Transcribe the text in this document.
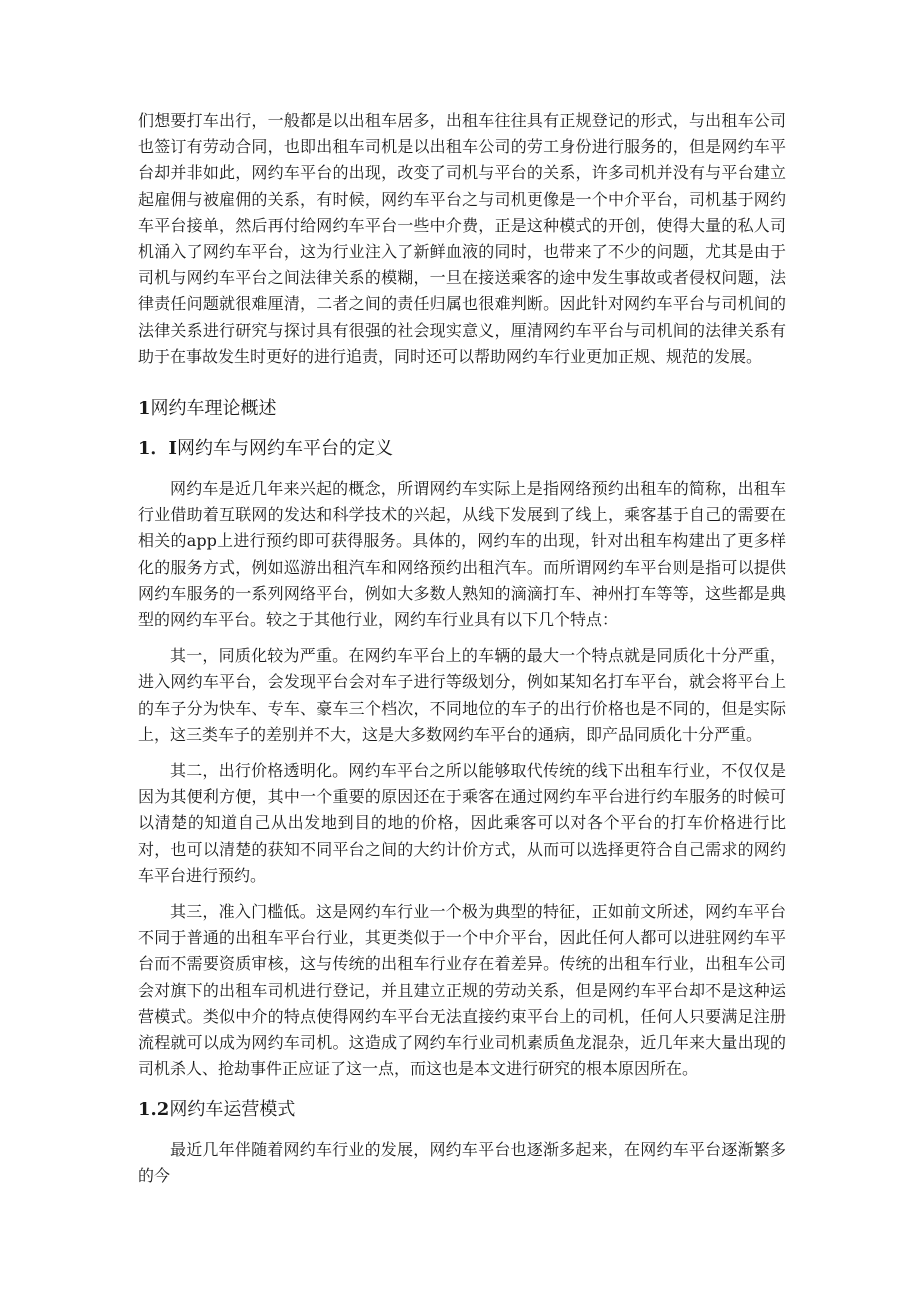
们想要打车出行，一般都是以出租车居多，出租车往往具有正规登记的形式，与出租车公司也签订有劳动合同，也即出租车司机是以出租车公司的劳工身份进行服务的，但是网约车平台却并非如此，网约车平台的出现，改变了司机与平台的关系，许多司机并没有与平台建立起雇佣与被雇佣的关系，有时候，网约车平台之与司机更像是一个中介平台，司机基于网约车平台接单，然后再付给网约车平台一些中介费，正是这种模式的开创，使得大量的私人司机涌入了网约车平台，这为行业注入了新鲜血液的同时，也带来了不少的问题，尤其是由于司机与网约车平台之间法律关系的模糊，一旦在接送乘客的途中发生事故或者侵权问题，法律责任问题就很难厘清，二者之间的责任归属也很难判断。因此针对网约车平台与司机间的法律关系进行研究与探讨具有很强的社会现实意义，厘清网约车平台与司机间的法律关系有助于在事故发生时更好的进行追责，同时还可以帮助网约车行业更加正规、规范的发展。

1网约车理论概述
1．I网约车与网约车平台的定义

网约车是近几年来兴起的概念，所谓网约车实际上是指网络预约出租车的简称，出租车行业借助着互联网的发达和科学技术的兴起，从线下发展到了线上，乘客基于自己的需要在相关的app上进行预约即可获得服务。具体的，网约车的出现，针对出租车构建出了更多样化的服务方式，例如巡游出租汽车和网络预约出租汽车。而所谓网约车平台则是指可以提供网约车服务的一系列网络平台，例如大多数人熟知的滴滴打车、神州打车等等，这些都是典型的网约车平台。较之于其他行业，网约车行业具有以下几个特点：

其一，同质化较为严重。在网约车平台上的车辆的最大一个特点就是同质化十分严重，进入网约车平台，会发现平台会对车子进行等级划分，例如某知名打车平台，就会将平台上的车子分为快车、专车、豪车三个档次，不同地位的车子的出行价格也是不同的，但是实际上，这三类车子的差别并不大，这是大多数网约车平台的通病，即产品同质化十分严重。

其二，出行价格透明化。网约车平台之所以能够取代传统的线下出租车行业，不仅仅是因为其便利方便，其中一个重要的原因还在于乘客在通过网约车平台进行约车服务的时候可以清楚的知道自己从出发地到目的地的价格，因此乘客可以对各个平台的打车价格进行比对，也可以清楚的获知不同平台之间的大约计价方式，从而可以选择更符合自己需求的网约车平台进行预约。

其三，准入门槛低。这是网约车行业一个极为典型的特征，正如前文所述，网约车平台不同于普通的出租车平台行业，其更类似于一个中介平台，因此任何人都可以进驻网约车平台而不需要资质审核，这与传统的出租车行业存在着差异。传统的出租车行业，出租车公司会对旗下的出租车司机进行登记，并且建立正规的劳动关系，但是网约车平台却不是这种运营模式。类似中介的特点使得网约车平台无法直接约束平台上的司机，任何人只要满足注册流程就可以成为网约车司机。这造成了网约车行业司机素质鱼龙混杂，近几年来大量出现的司机杀人、抢劫事件正应证了这一点，而这也是本文进行研究的根本原因所在。

1.2网约车运营模式

最近几年伴随着网约车行业的发展，网约车平台也逐渐多起来，在网约车平台逐渐繁多的今
